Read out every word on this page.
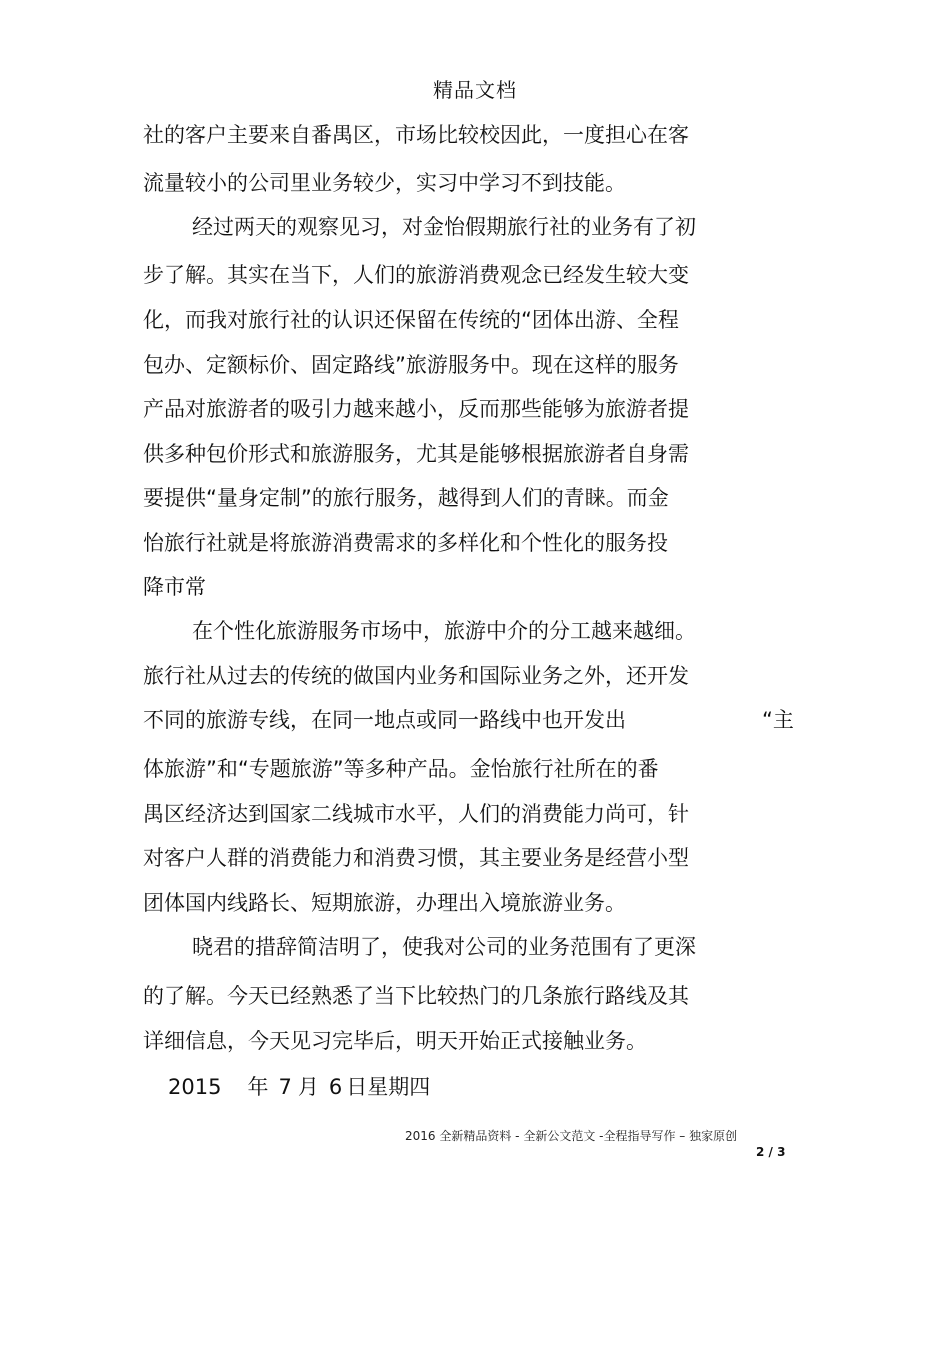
精品文档
社的客户主要来自番禺区，市场比较校因此，一度担心在客
流量较小的公司里业务较少，实习中学习不到技能。
经过两天的观察见习，对金怡假期旅行社的业务有了初
步了解。其实在当下，人们的旅游消费观念已经发生较大变
化，而我对旅行社的认识还保留在传统的“团体出游、全程
包办、定额标价、固定路线”旅游服务中。现在这样的服务
产品对旅游者的吸引力越来越小，反而那些能够为旅游者提
供多种包价形式和旅游服务，尤其是能够根据旅游者自身需
要提供“量身定制”的旅行服务，越得到人们的青睐。而金
怡旅行社就是将旅游消费需求的多样化和个性化的服务投
降市常
在个性化旅游服务市场中，旅游中介的分工越来越细。
旅行社从过去的传统的做国内业务和国际业务之外，还开发
不同的旅游专线，在同一地点或同一路线中也开发出	“主
体旅游”和“专题旅游”等多种产品。金怡旅行社所在的番
禺区经济达到国家二线城市水平，人们的消费能力尚可，针
对客户人群的消费能力和消费习惯，其主要业务是经营小型
团体国内线路长、短期旅游，办理出入境旅游业务。
晓君的措辞简洁明了，使我对公司的业务范围有了更深
的了解。今天已经熟悉了当下比较热门的几条旅行路线及其
详细信息，今天见习完毕后，明天开始正式接触业务。
2015 年 7 月 6 日星期四
2016 全新精品资料 - 全新公文范文 -全程指导写作 – 独家原创
2 / 3
